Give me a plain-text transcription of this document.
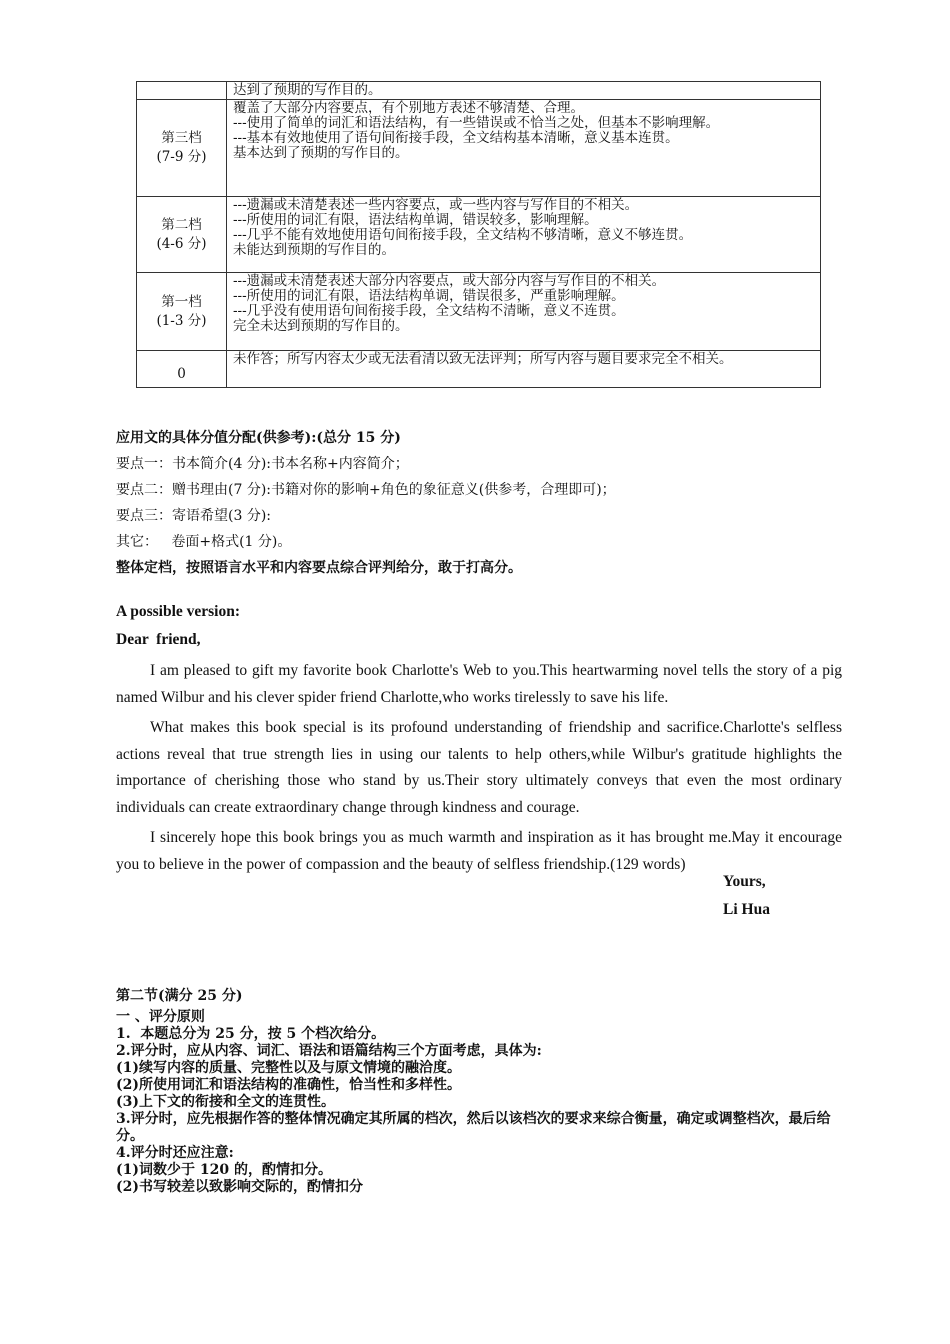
	达到了预期的写作目的。

第三档
(7-9 分)	覆盖了大部分内容要点，有个别地方表述不够清楚、合理。
---使用了简单的词汇和语法结构，有一些错误或不恰当之处，但基本不影响理解。
---基本有效地使用了语句间衔接手段，全文结构基本清晰，意义基本连贯。
基本达到了预期的写作目的。

第二档
(4-6 分)	---遗漏或未清楚表述一些内容要点，或一些内容与写作目的不相关。
---所使用的词汇有限，语法结构单调，错误较多，影响理解。
---几乎不能有效地使用语句间衔接手段，全文结构不够清晰，意义不够连贯。
未能达到预期的写作目的。

第一档
(1-3 分)	---遗漏或未清楚表述大部分内容要点，或大部分内容与写作目的不相关。
---所使用的词汇有限，语法结构单调，错误很多，严重影响理解。
---几乎没有使用语句间衔接手段，全文结构不清晰，意义不连贯。
完全未达到预期的写作目的。

0	未作答；所写内容太少或无法看清以致无法评判；所写内容与题目要求完全不相关。
应用文的具体分值分配(供参考):(总分 15 分)
要点一：书本简介(4 分):书本名称+内容简介；
要点二：赠书理由(7 分):书籍对你的影响+角色的象征意义(供参考，合理即可)；
要点三：寄语希望(3 分):
其它：   卷面+格式(1 分)。
整体定档，按照语言水平和内容要点综合评判给分，敢于打高分。
A possible version:
Dear  friend,

I am pleased to gift my favorite book Charlotte's Web to you.This heartwarming novel tells the story of a pig named Wilbur and his clever spider friend Charlotte,who works tirelessly to save his life.

What makes this book special is its profound understanding of friendship and sacrifice.Charlotte's selfless actions reveal that true strength lies in using our talents to help others,while Wilbur's gratitude highlights the importance of cherishing those who stand by us.Their story ultimately conveys that even the most ordinary individuals can create extraordinary change through kindness and courage.

I sincerely hope this book brings you as much warmth and inspiration as it has brought me.May it encourage you to believe in the power of compassion and the beauty of selfless friendship.(129 words)

Yours,
Li Hua
第二节(满分 25 分)
一 、评分原则
1.  本题总分为 25 分，按 5 个档次给分。
2.评分时，应从内容、词汇、语法和语篇结构三个方面考虑，具体为:
(1)续写内容的质量、完整性以及与原文情境的融洽度。
(2)所使用词汇和语法结构的准确性，恰当性和多样性。
(3)上下文的衔接和全文的连贯性。
3.评分时，应先根据作答的整体情况确定其所属的档次，然后以该档次的要求来综合衡量，确定或调整档次，最后给分。
4.评分时还应注意:
(1)词数少于 120 的，酌情扣分。
(2)书写较差以致影响交际的，酌情扣分
